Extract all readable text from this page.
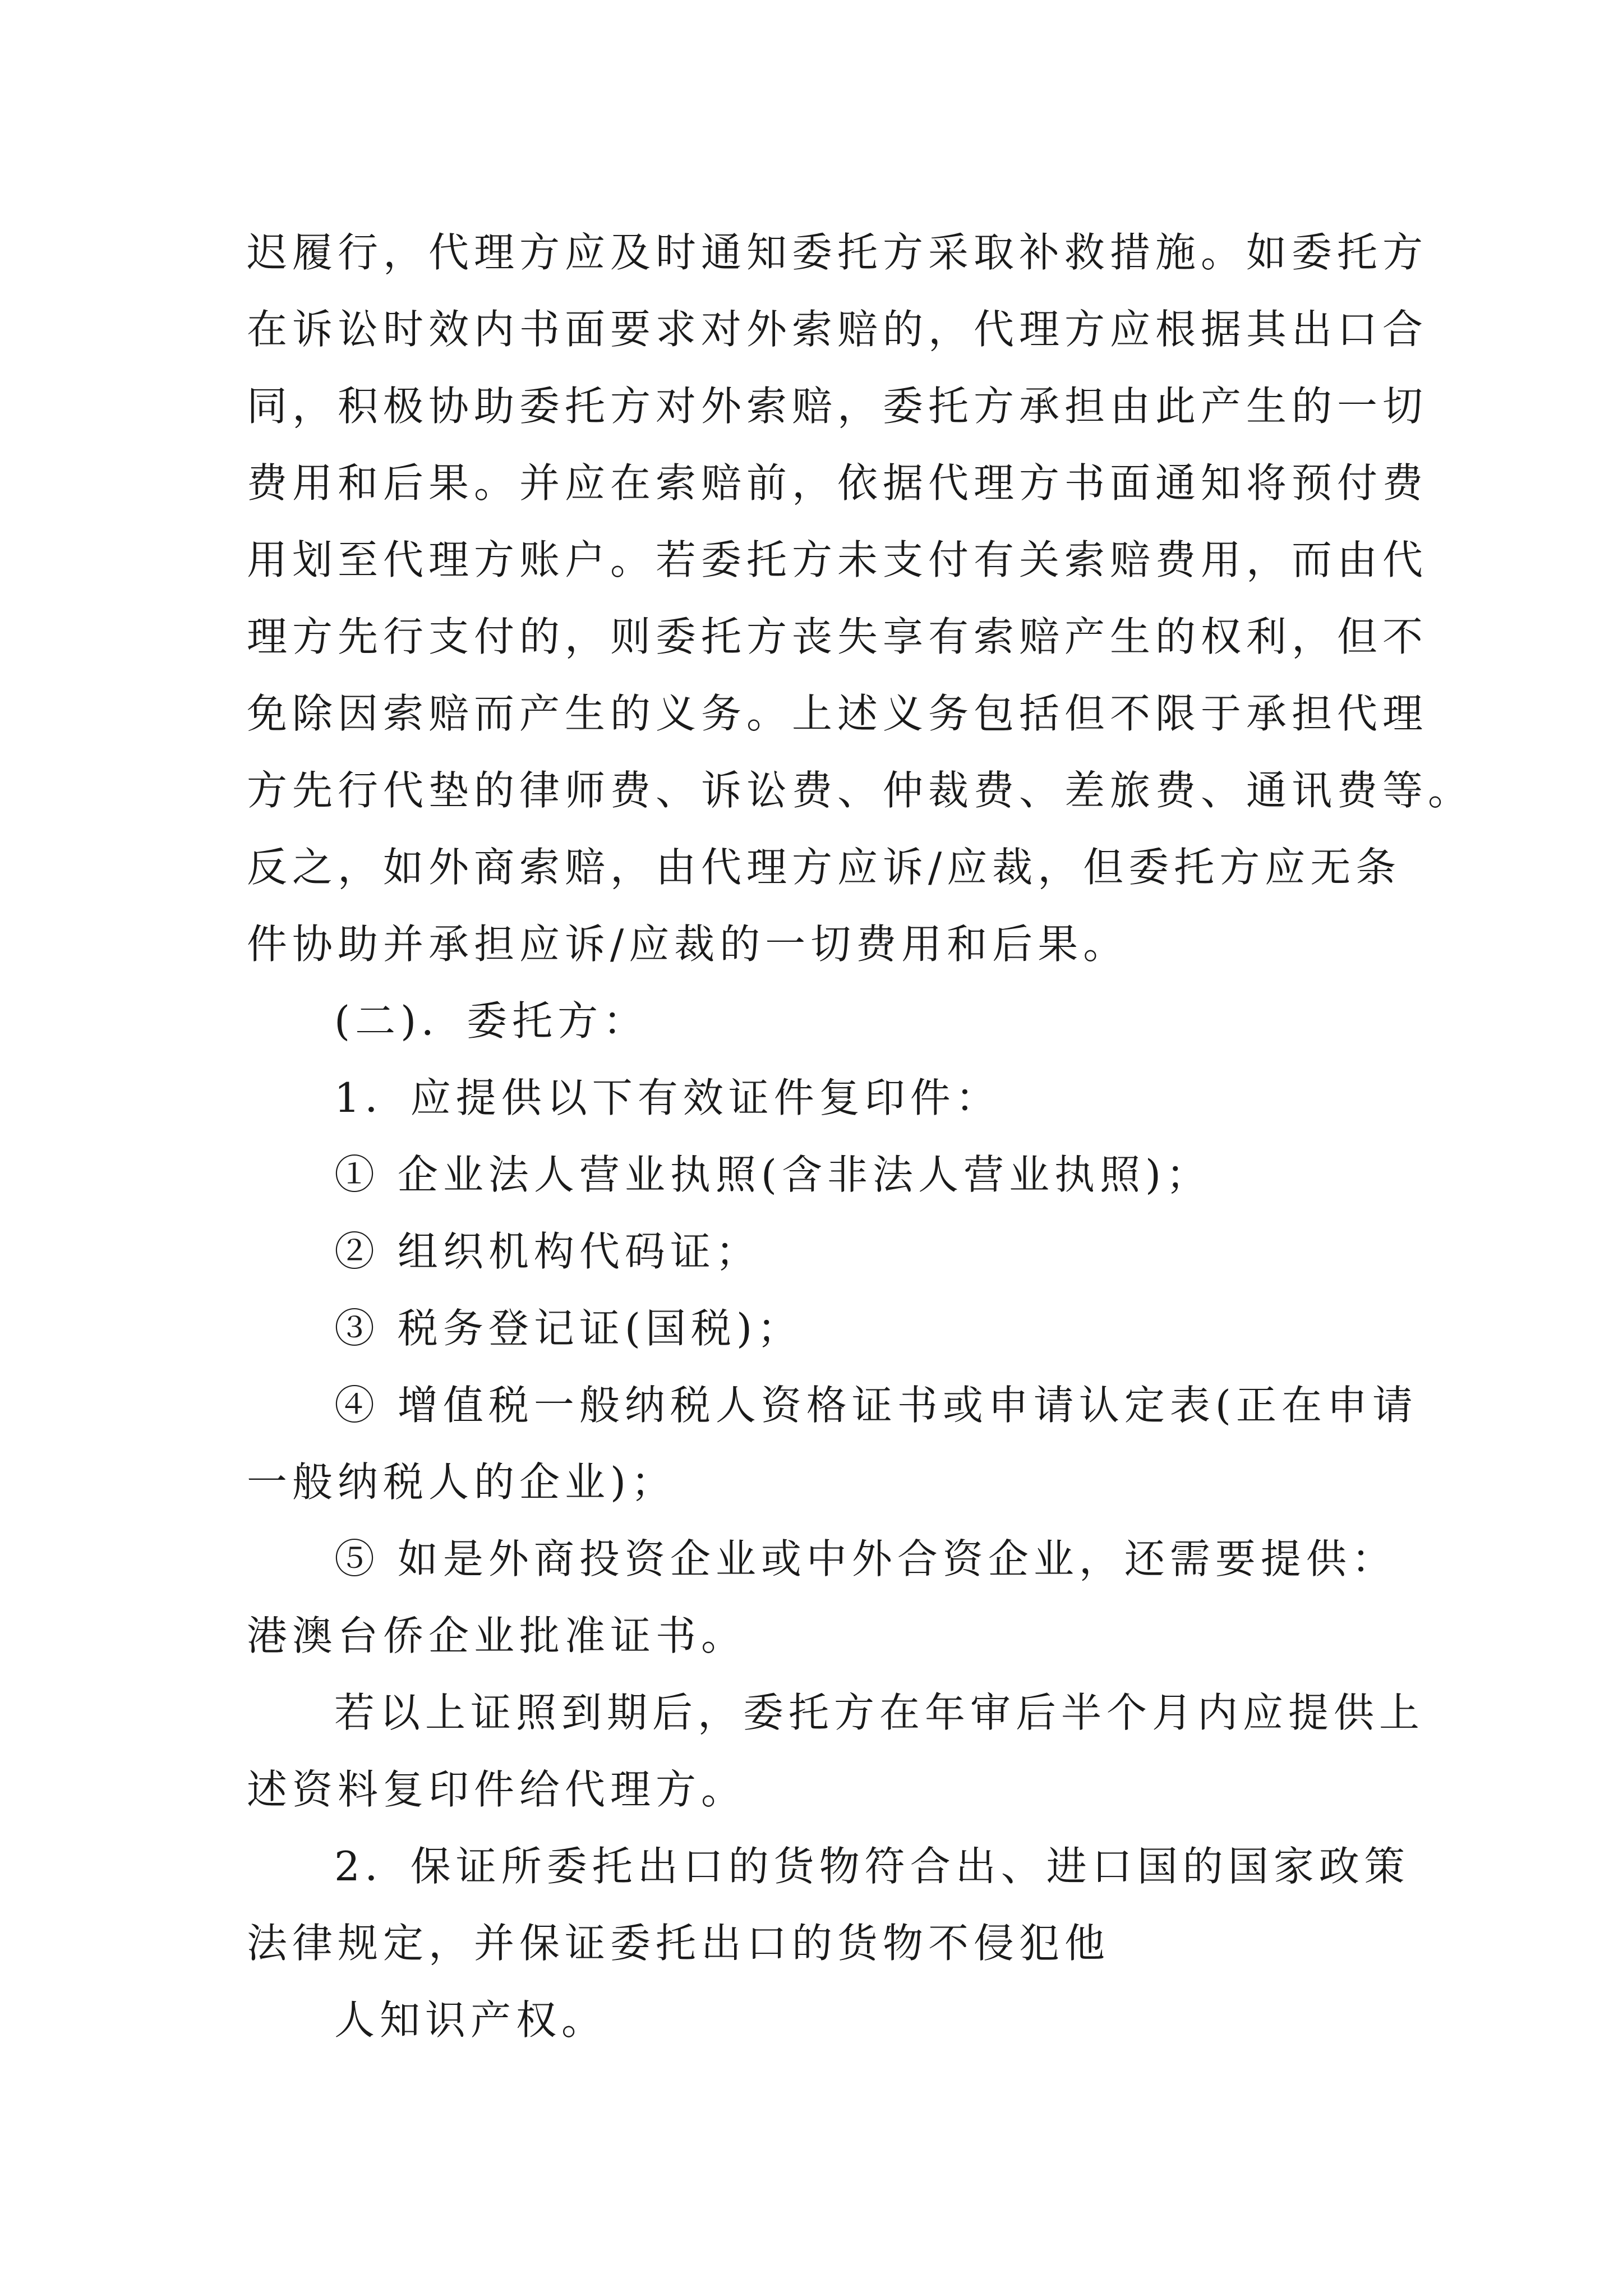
迟履行，代理方应及时通知委托方采取补救措施。如委托方
在诉讼时效内书面要求对外索赔的，代理方应根据其出口合
同，积极协助委托方对外索赔，委托方承担由此产生的一切
费用和后果。并应在索赔前，依据代理方书面通知将预付费
用划至代理方账户。若委托方未支付有关索赔费用，而由代
理方先行支付的，则委托方丧失享有索赔产生的权利，但不
免除因索赔而产生的义务。上述义务包括但不限于承担代理
方先行代垫的律师费、诉讼费、仲裁费、差旅费、通讯费等。
反之，如外商索赔，由代理方应诉/应裁，但委托方应无条
件协助并承担应诉/应裁的一切费用和后果。
(二)．委托方：
1．应提供以下有效证件复印件：
① 企业法人营业执照(含非法人营业执照)；
② 组织机构代码证；
③ 税务登记证(国税)；
④ 增值税一般纳税人资格证书或申请认定表(正在申请
一般纳税人的企业)；
⑤ 如是外商投资企业或中外合资企业，还需要提供：
港澳台侨企业批准证书。
若以上证照到期后，委托方在年审后半个月内应提供上
述资料复印件给代理方。
2．保证所委托出口的货物符合出、进口国的国家政策
法律规定，并保证委托出口的货物不侵犯他
人知识产权。
